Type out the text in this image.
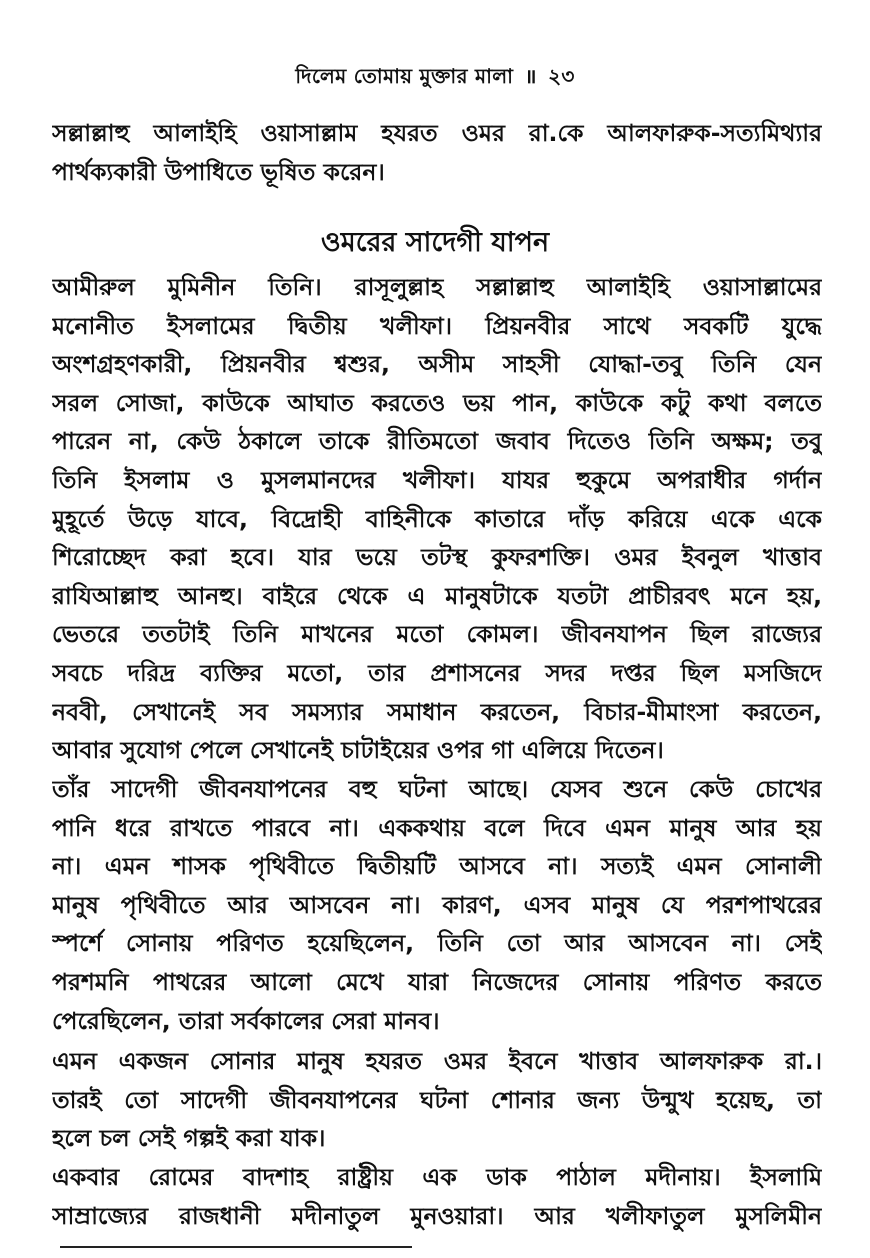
দিলেম তোমায় মুক্তার মালা ॥ ২৩
সল্লাল্লাহু আলাইহি ওয়াসাল্লাম হযরত ওমর রা.কে আলফারুক-সত্যমিথ্যার
পার্থক্যকারী উপাধিতে ভূষিত করেন।
ওমরের সাদেগী যাপন
আমীরুল মুমিনীন তিনি। রাসূলুল্লাহ সল্লাল্লাহু আলাইহি ওয়াসাল্লামের
মনোনীত ইসলামের দ্বিতীয় খলীফা। প্রিয়নবীর সাথে সবকটি যুদ্ধে
অংশগ্রহণকারী, প্রিয়নবীর শ্বশুর, অসীম সাহসী যোদ্ধা-তবু তিনি যেন
সরল সোজা, কাউকে আঘাত করতেও ভয় পান, কাউকে কটু কথা বলতে
পারেন না, কেউ ঠকালে তাকে রীতিমতো জবাব দিতেও তিনি অক্ষম; তবু
তিনি ইসলাম ও মুসলমানদের খলীফা। যাযর হুকুমে অপরাধীর গর্দান
মুহূর্তে উড়ে যাবে, বিদ্রোহী বাহিনীকে কাতারে দাঁড় করিয়ে একে একে
শিরোচ্ছেদ করা হবে। যার ভয়ে তটস্থ কুফরশক্তি। ওমর ইবনুল খাত্তাব
রাযিআল্লাহু আনহু। বাইরে থেকে এ মানুষটাকে যতটা প্রাচীরবৎ মনে হয়,
ভেতরে ততটাই তিনি মাখনের মতো কোমল। জীবনযাপন ছিল রাজ্যের
সবচে দরিদ্র ব্যক্তির মতো, তার প্রশাসনের সদর দপ্তর ছিল মসজিদে
নববী, সেখানেই সব সমস্যার সমাধান করতেন, বিচার-মীমাংসা করতেন,
আবার সুযোগ পেলে সেখানেই চাটাইয়ের ওপর গা এলিয়ে দিতেন।
তাঁর সাদেগী জীবনযাপনের বহু ঘটনা আছে। যেসব শুনে কেউ চোখের
পানি ধরে রাখতে পারবে না। এককথায় বলে দিবে এমন মানুষ আর হয়
না। এমন শাসক পৃথিবীতে দ্বিতীয়টি আসবে না। সত্যই এমন সোনালী
মানুষ পৃথিবীতে আর আসবেন না। কারণ, এসব মানুষ যে পরশপাথরের
স্পর্শে সোনায় পরিণত হয়েছিলেন, তিনি তো আর আসবেন না। সেই
পরশমনি পাথরের আলো মেখে যারা নিজেদের সোনায় পরিণত করতে
পেরেছিলেন, তারা সর্বকালের সেরা মানব।
এমন একজন সোনার মানুষ হযরত ওমর ইবনে খাত্তাব আলফারুক রা.।
তারই তো সাদেগী জীবনযাপনের ঘটনা শোনার জন্য উন্মুখ হয়েছ, তা
হলে চল সেই গল্পই করা যাক।
একবার রোমের বাদশাহ রাষ্ট্রীয় এক ডাক পাঠাল মদীনায়। ইসলামি
সাম্রাজ্যের রাজধানী মদীনাতুল মুনওয়ারা। আর খলীফাতুল মুসলিমীন
